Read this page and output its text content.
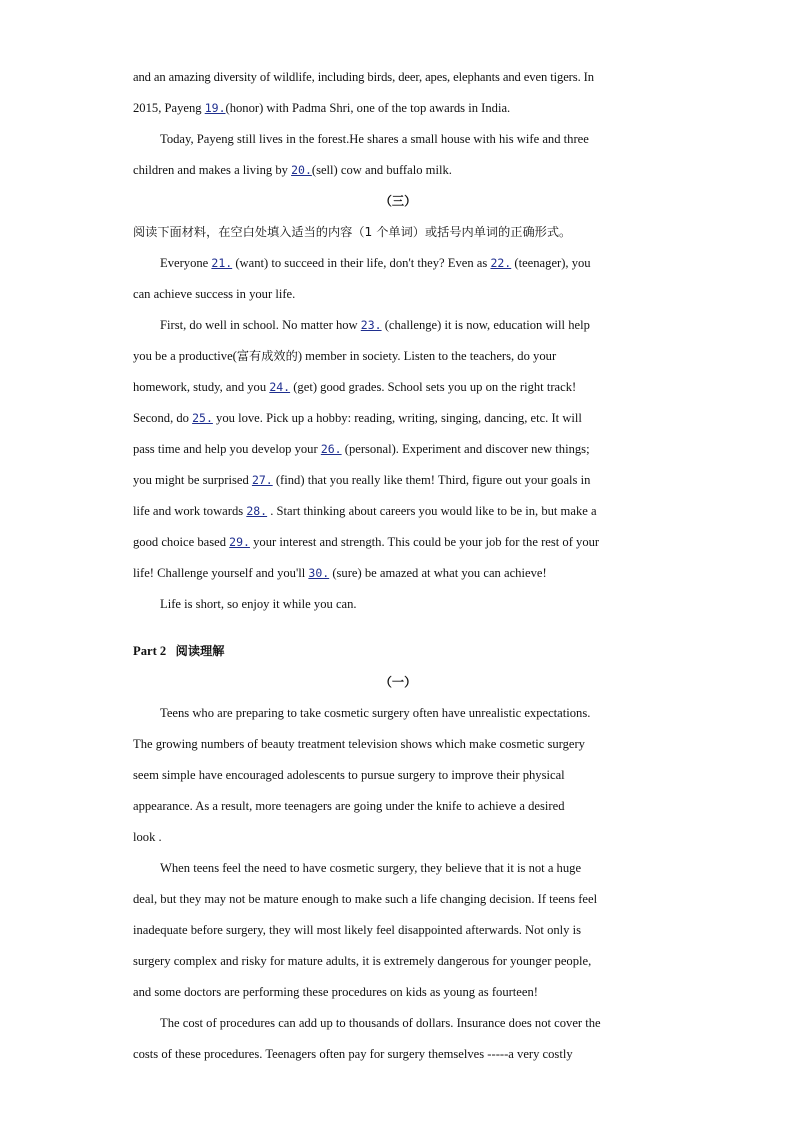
and an amazing diversity of wildlife, including birds, deer, apes, elephants and even tigers. In

2015, Payeng 19.(honor) with Padma Shri, one of the top awards in India.

Today, Payeng still lives in the forest.He shares a small house with his wife and three

children and makes a living by 20.(sell) cow and buffalo milk.

（三）

阅读下面材料，在空白处填入适当的内容（1 个单词）或括号内单词的正确形式。

Everyone 21. (want) to succeed in their life, don't they? Even as 22. (teenager), you

can achieve success in your life.

First, do well in school. No matter how 23. (challenge) it is now, education will help

you be a productive(富有成效的) member in society. Listen to the teachers, do your

homework, study, and you 24. (get) good grades. School sets you up on the right track!

Second, do 25. you love. Pick up a hobby: reading, writing, singing, dancing, etc. It will

pass time and help you develop your 26. (personal). Experiment and discover new things;

you might be surprised 27. (find) that you really like them! Third, figure out your goals in

life and work towards 28. . Start thinking about careers you would like to be in, but make a

good choice based 29. your interest and strength. This could be your job for the rest of your

life! Challenge yourself and you'll 30. (sure) be amazed at what you can achieve!

Life is short, so enjoy it while you can.

Part 2 阅读理解

（一）

Teens who are preparing to take cosmetic surgery often have unrealistic expectations.

The growing numbers of beauty treatment television shows which make cosmetic surgery

seem simple have encouraged adolescents to pursue surgery to improve their physical

appearance. As a result, more teenagers are going under the knife to achieve a desired

look .

When teens feel the need to have cosmetic surgery, they believe that it is not a huge

deal, but they may not be mature enough to make such a life changing decision. If teens feel

inadequate before surgery, they will most likely feel disappointed afterwards. Not only is

surgery complex and risky for mature adults, it is extremely dangerous for younger people,

and some doctors are performing these procedures on kids as young as fourteen!

The cost of procedures can add up to thousands of dollars. Insurance does not cover the

costs of these procedures. Teenagers often pay for surgery themselves -----a very costly
